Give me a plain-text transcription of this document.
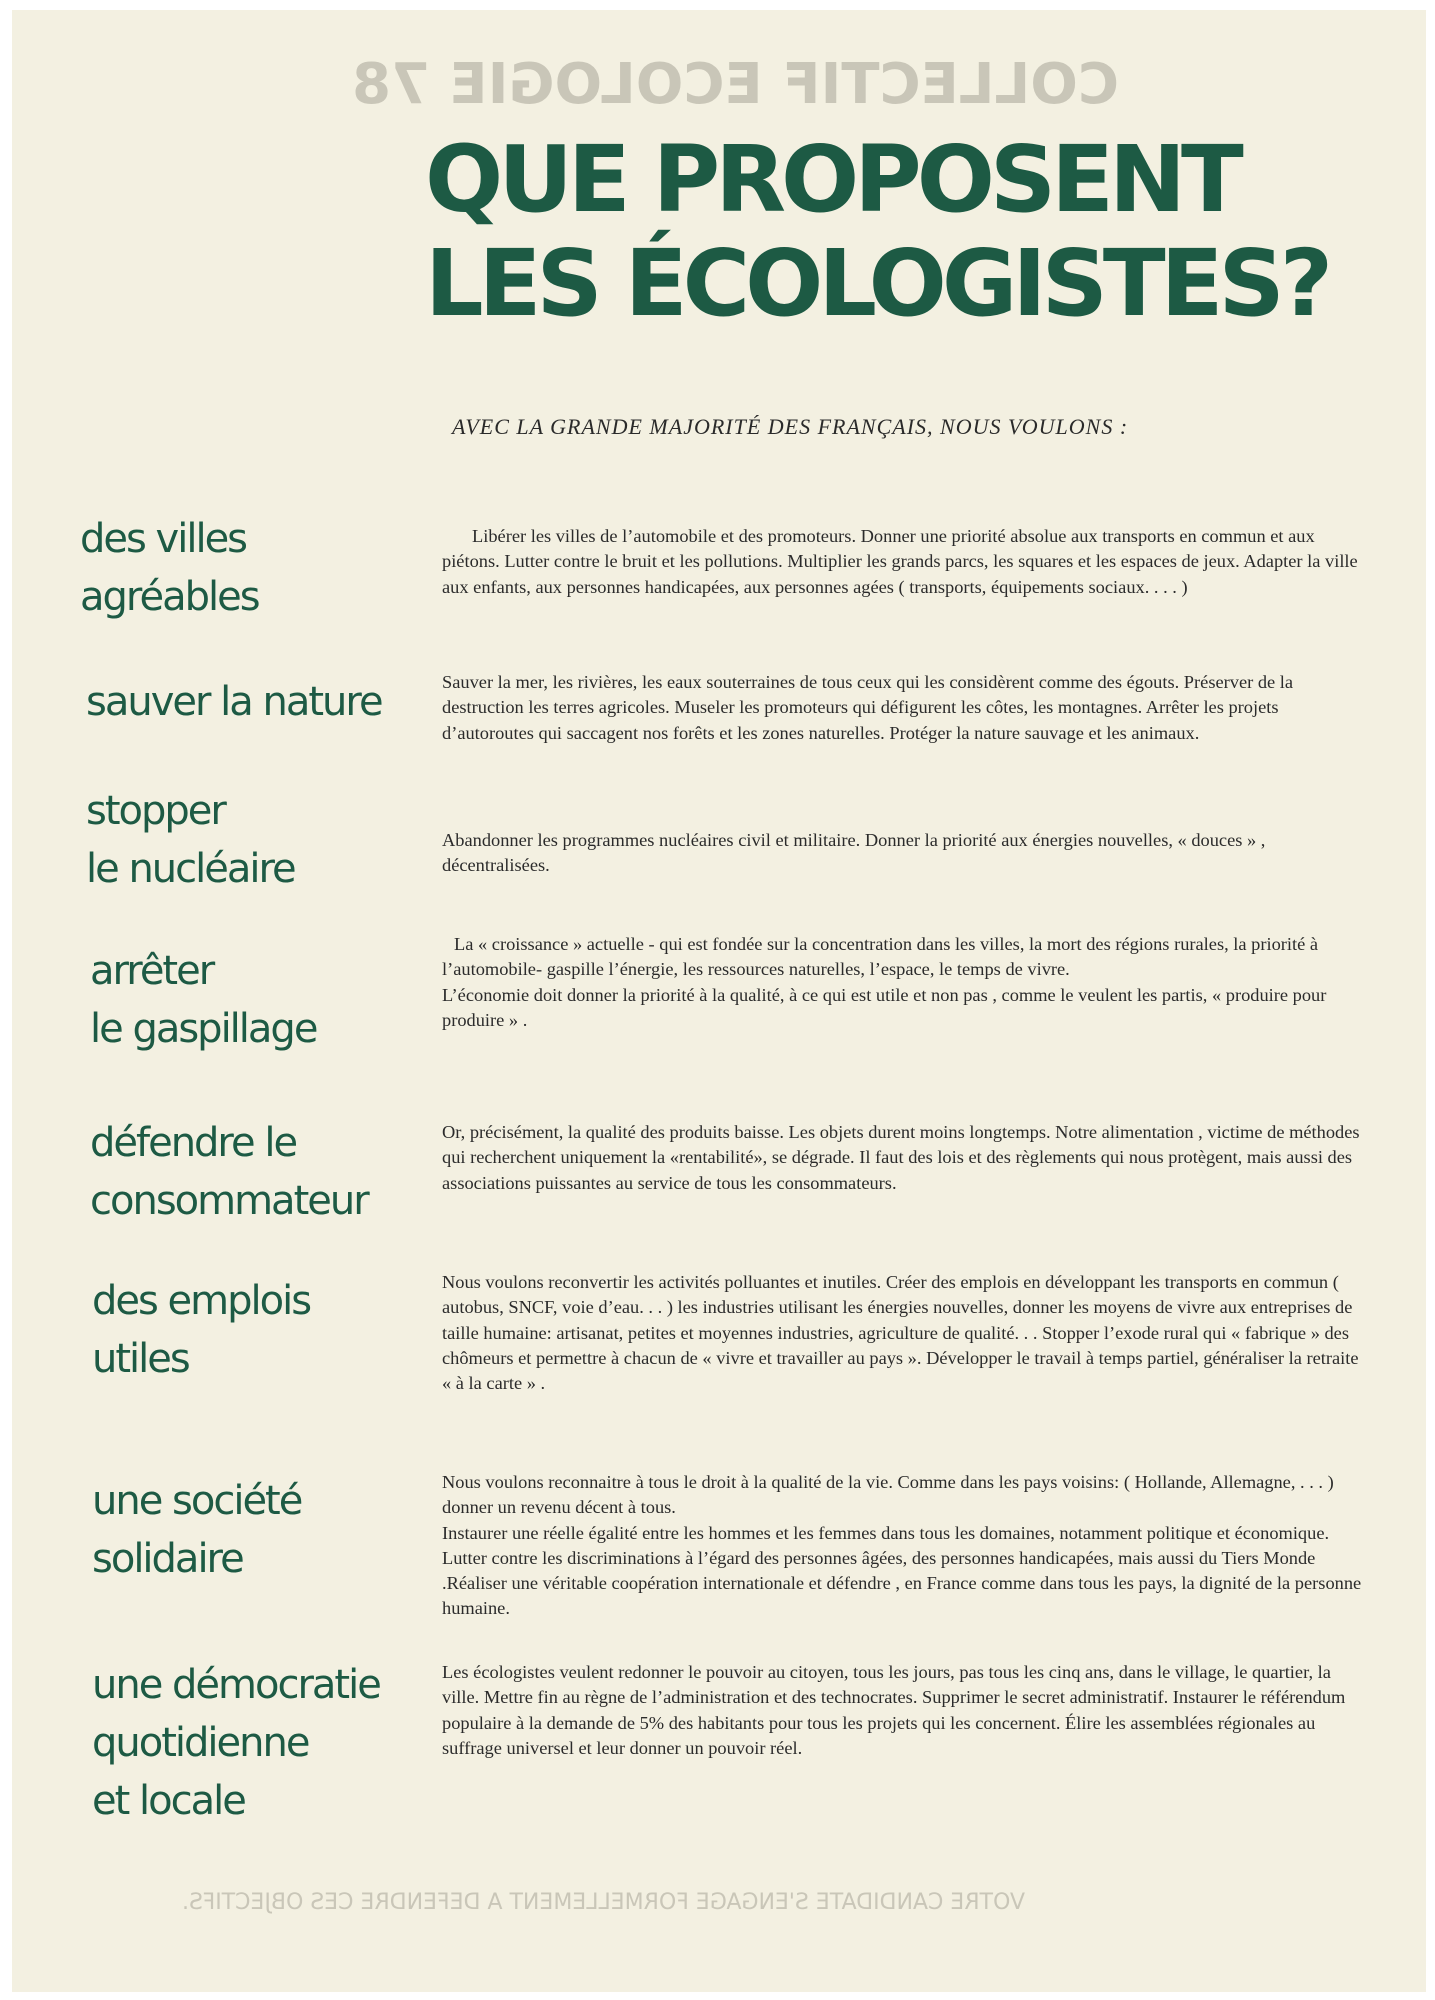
COLLECTIF ECOLOGIE 78
VOTRE CANDIDATE S'ENGAGE FORMELLEMENT A DEFENDRE CES OBJECTIFS.
QUE PROPOSENT
LES ÉCOLOGISTES?
AVEC LA GRANDE MAJORITÉ DES FRANÇAIS, NOUS VOULONS :
des villes
agréables

Libérer les villes de l’automobile et des promoteurs. Donner une priorité absolue aux transports en commun et aux piétons. Lutter contre le bruit et les pollutions. Multiplier les grands parcs, les squares et les espaces de jeux. Adapter la ville aux enfants, aux personnes handicapées, aux personnes agées ( transports, équipements sociaux. . . . )

sauver la nature	Sauver la mer, les rivières, les eaux souterraines de tous ceux qui les considèrent comme des égouts. Préserver de la destruction les terres agricoles. Museler les promoteurs qui défigurent les côtes, les montagnes. Arrêter les projets d’autoroutes qui saccagent nos forêts et les zones naturelles. Protéger la nature sauvage et les animaux.

stopper
le nucléaire

Abandonner les programmes nucléaires civil et militaire. Donner la priorité aux énergies nouvelles, « douces » , décentralisées.

arrêter
le gaspillage

La « croissance » actuelle - qui est fondée sur la concentration dans les villes, la mort des régions rurales, la priorité à l’automobile- gaspille l’énergie, les ressources naturelles, l’espace, le temps de vivre.

L’économie doit donner la priorité à la qualité, à ce qui est utile et non pas , comme le veulent les partis, « produire pour produire » .

défendre le
consommateur

Or, précisément, la qualité des produits baisse. Les objets durent moins longtemps. Notre alimentation , victime de méthodes qui recherchent uniquement la «rentabilité», se dégrade. Il faut des lois et des règlements qui nous protègent, mais aussi des associations puissantes au service de tous les consommateurs.

des emplois
utiles

Nous voulons reconvertir les activités polluantes et inutiles. Créer des emplois en développant les transports en commun ( autobus, SNCF, voie d’eau. . . ) les industries utilisant les énergies nouvelles, donner les moyens de vivre aux entreprises de taille humaine: artisanat, petites et moyennes industries, agriculture de qualité. . . Stopper l’exode rural qui « fabrique » des chômeurs et permettre à chacun de « vivre et travailler au pays ». Développer le travail à temps partiel, généraliser la retraite « à la carte » .

une société
solidaire

Nous voulons reconnaitre à tous le droit à la qualité de la vie. Comme dans les pays voisins: ( Hollande, Allemagne, . . . ) donner un revenu décent à tous.

Instaurer une réelle égalité entre les hommes et les femmes dans tous les domaines, notamment politique et économique. Lutter contre les discriminations à l’égard des personnes âgées, des personnes handicapées, mais aussi du Tiers Monde .Réaliser une véritable coopération internationale et défendre , en France comme dans tous les pays, la dignité de la personne humaine.

une démocratie
quotidienne
et locale

Les écologistes veulent redonner le pouvoir au citoyen, tous les jours, pas tous les cinq ans, dans le village, le quartier, la ville. Mettre fin au règne de l’administration et des technocrates. Supprimer le secret administratif. Instaurer le référendum populaire à la demande de 5% des habitants pour tous les projets qui les concernent. Élire les assemblées régionales au suffrage universel et leur donner un pouvoir réel.
